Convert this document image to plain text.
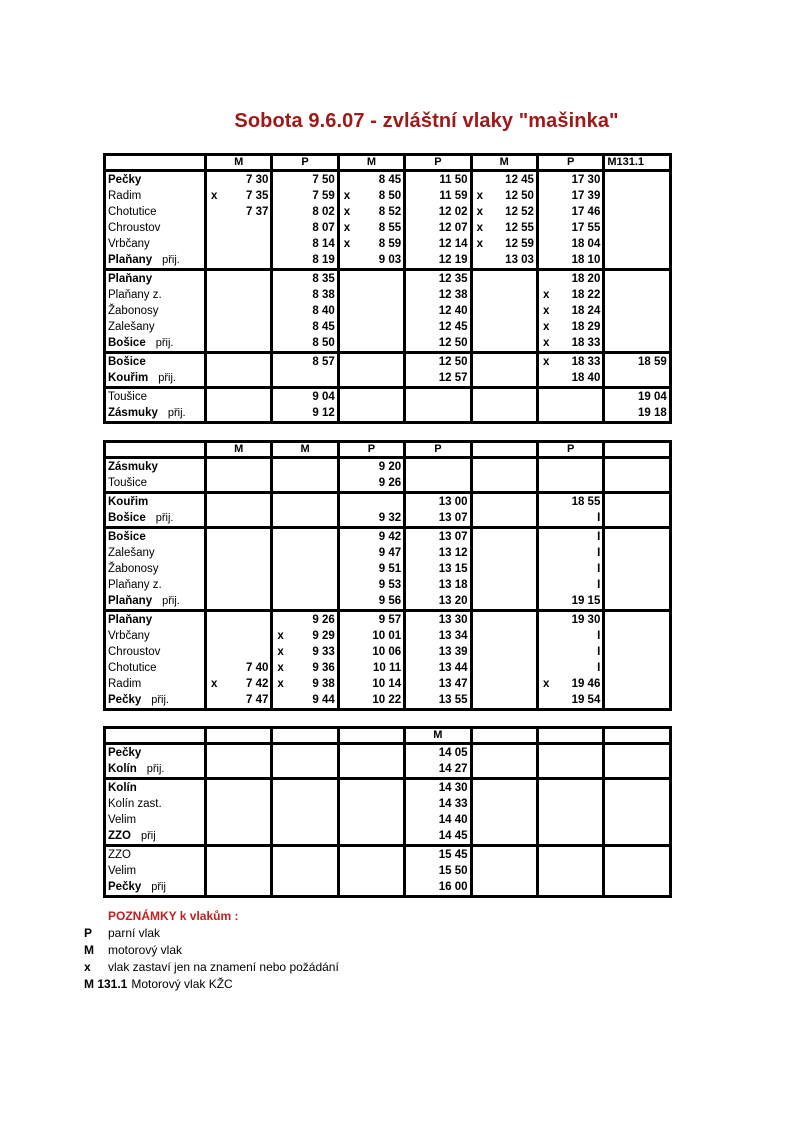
Sobota 9.6.07 - zvláštní vlaky "mašinka"
	M	P	M	P	M	P	M131.1
Pečky	7 30	7 50	8 45	11 50	12 45	17 30	

Radim	x 7 35	7 59	x 8 50	11 59	x 12 50	17 39	

Chotutice	7 37	8 02	x 8 52	12 02	x 12 52	17 46	

Chroustov		8 07	x 8 55	12 07	x 12 55	17 55	

Vrbčany		8 14	x 8 59	12 14	x 12 59	18 04	

Plaňany přij.		8 19	9 03	12 19	13 03	18 10	

Plaňany		8 35		12 35		18 20	

Plaňany z.		8 38		12 38		x 18 22	

Žabonosy		8 40		12 40		x 18 24	

Zalešany		8 45		12 45		x 18 29	

Bošice přij.		8 50		12 50		x 18 33	

Bošice		8 57		12 50		x 18 33	18 59

Kouřim přij.				12 57		18 40	

Toušice		9 04					19 04

Zásmuky přij.		9 12					19 18
	M	M	P	P		P	
Zásmuky			9 20				

Toušice			9 26				

Kouřim				13 00		18 55	

Bošice přij.			9 32	13 07		I	

Bošice			9 42	13 07		I	

Zalešany			9 47	13 12		I	

Žabonosy			9 51	13 15		I	

Plaňany z.			9 53	13 18		I	

Plaňany přij.			9 56	13 20		19 15	

Plaňany		9 26	9 57	13 30		19 30	

Vrbčany		x 9 29	10 01	13 34		I	

Chroustov		x 9 33	10 06	13 39		I	

Chotutice	7 40	x 9 36	10 11	13 44		I	

Radim	x 7 42	x 9 38	10 14	13 47		x 19 46	

Pečky přij.	7 47	9 44	10 22	13 55		19 54	

				M			
Pečky				14 05			

Kolín přij.				14 27			

Kolín				14 30			

Kolín zast.				14 33			

Velim				14 40			

ZZO přij				14 45			

ZZO				15 45			

Velim				15 50			

Pečky přij				16 00			

POZNÁMKY k vlakům :
P	parní vlak
M	motorový vlak
x	vlak zastaví jen na znamení nebo požádání
M 131.1 Motorový vlak KŽC
